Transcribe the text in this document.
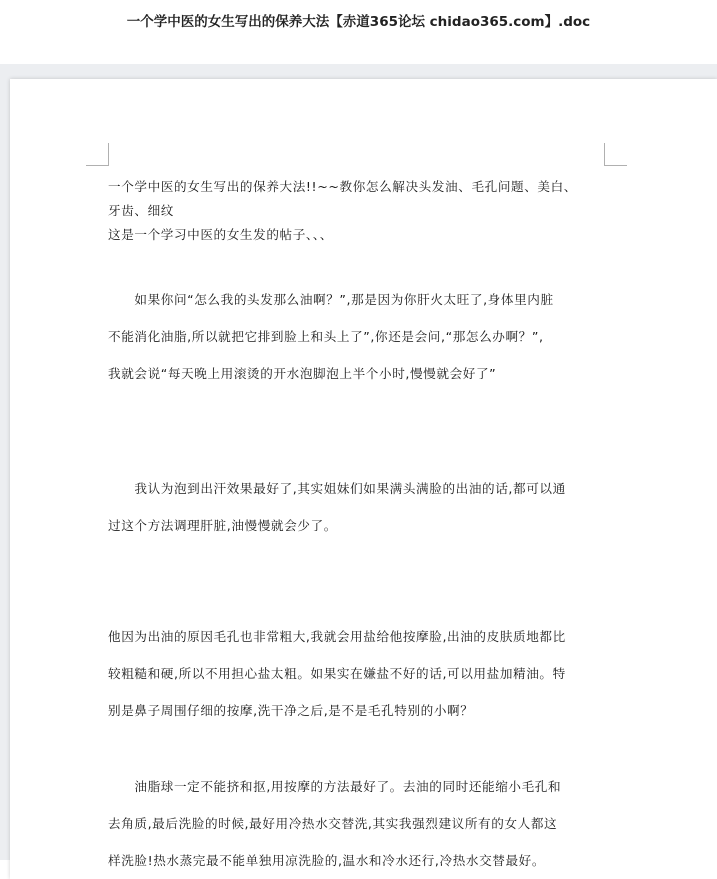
一个学中医的女生写出的保养大法【赤道365论坛 chidao365.com】.doc
一个学中医的女生写出的保养大法!!~~教你怎么解决头发油、毛孔问题、美白、
牙齿、细纹
这是一个学习中医的女生发的帖子、、、
　　如果你问“怎么我的头发那么油啊？”,那是因为你肝火太旺了,身体里内脏
不能消化油脂,所以就把它排到脸上和头上了”,你还是会问,“那怎么办啊？”,
我就会说“每天晚上用滚烫的开水泡脚泡上半个小时,慢慢就会好了”
　　我认为泡到出汗效果最好了,其实姐妹们如果满头满脸的出油的话,都可以通
过这个方法调理肝脏,油慢慢就会少了。
他因为出油的原因毛孔也非常粗大,我就会用盐给他按摩脸,出油的皮肤质地都比
较粗糙和硬,所以不用担心盐太粗。如果实在嫌盐不好的话,可以用盐加精油。特
别是鼻子周围仔细的按摩,洗干净之后,是不是毛孔特别的小啊？
　　油脂球一定不能挤和抠,用按摩的方法最好了。去油的同时还能缩小毛孔和
去角质,最后洗脸的时候,最好用冷热水交替洗,其实我强烈建议所有的女人都这
样洗脸!热水蒸完最不能单独用凉洗脸的,温水和冷水还行,冷热水交替最好。
